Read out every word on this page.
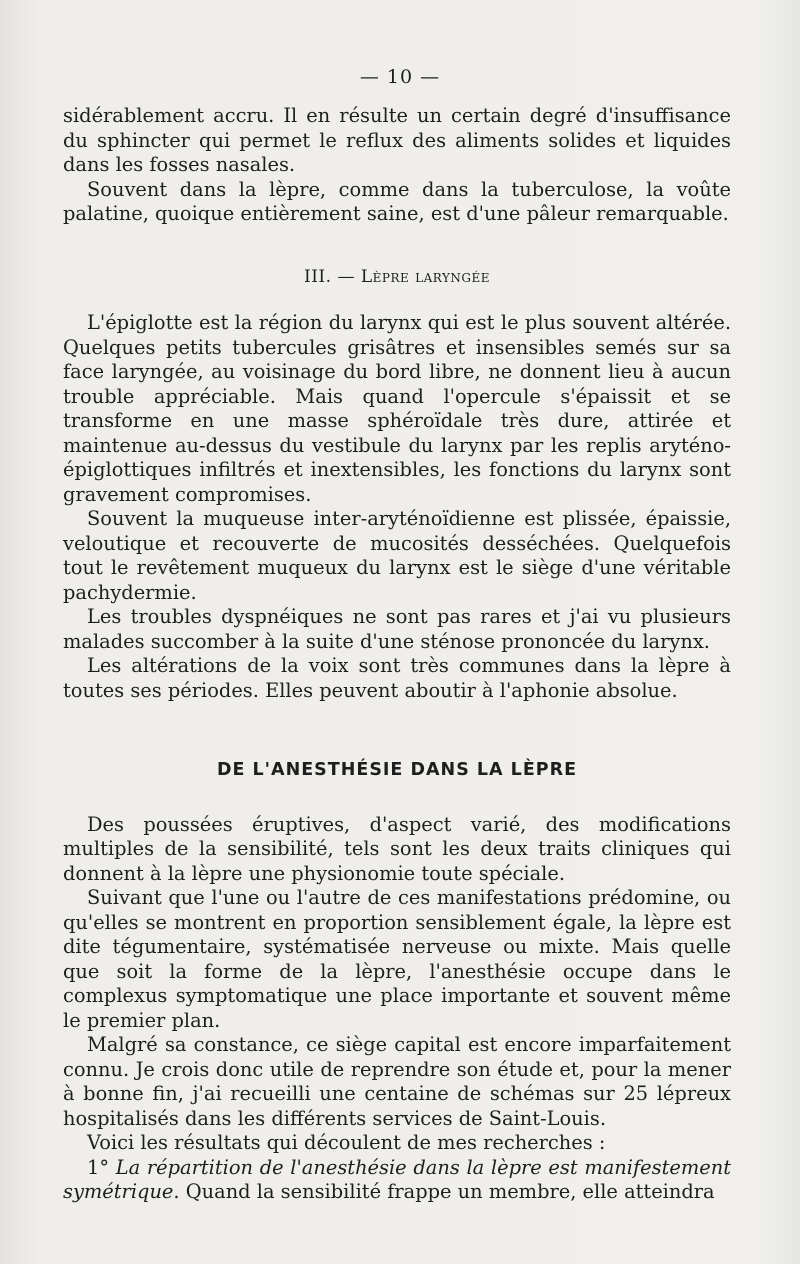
— 10 —

sidérablement accru. Il en résulte un certain degré d'insuffisance du sphincter qui permet le reflux des aliments solides et liquides dans les fosses nasales.

Souvent dans la lèpre, comme dans la tuberculose, la voûte palatine, quoique entièrement saine, est d'une pâleur remarquable.

III. — Lèpre laryngée

L'épiglotte est la région du larynx qui est le plus souvent altérée. Quelques petits tubercules grisâtres et insensibles semés sur sa face laryngée, au voisinage du bord libre, ne donnent lieu à aucun trouble appréciable. Mais quand l'opercule s'épaissit et se transforme en une masse sphéroïdale très dure, attirée et maintenue au-dessus du vestibule du larynx par les replis aryténo-épiglottiques infiltrés et inextensibles, les fonctions du larynx sont gravement compromises.

Souvent la muqueuse inter-aryténoïdienne est plissée, épaissie, veloutique et recouverte de mucosités desséchées. Quelquefois tout le revêtement muqueux du larynx est le siège d'une véritable pachydermie.

Les troubles dyspnéiques ne sont pas rares et j'ai vu plusieurs malades succomber à la suite d'une sténose prononcée du larynx.

Les altérations de la voix sont très communes dans la lèpre à toutes ses périodes. Elles peuvent aboutir à l'aphonie absolue.

DE L'ANESTHÉSIE DANS LA LÈPRE

Des poussées éruptives, d'aspect varié, des modifications multiples de la sensibilité, tels sont les deux traits cliniques qui donnent à la lèpre une physionomie toute spéciale.

Suivant que l'une ou l'autre de ces manifestations prédomine, ou qu'elles se montrent en proportion sensiblement égale, la lèpre est dite tégumentaire, systématisée nerveuse ou mixte. Mais quelle que soit la forme de la lèpre, l'anesthésie occupe dans le complexus symptomatique une place importante et souvent même le premier plan.

Malgré sa constance, ce siège capital est encore imparfaitement connu. Je crois donc utile de reprendre son étude et, pour la mener à bonne fin, j'ai recueilli une centaine de schémas sur 25 lépreux hospitalisés dans les différents services de Saint-Louis.

Voici les résultats qui découlent de mes recherches :

1° La répartition de l'anesthésie dans la lèpre est manifestement symétrique. Quand la sensibilité frappe un membre, elle atteindra
